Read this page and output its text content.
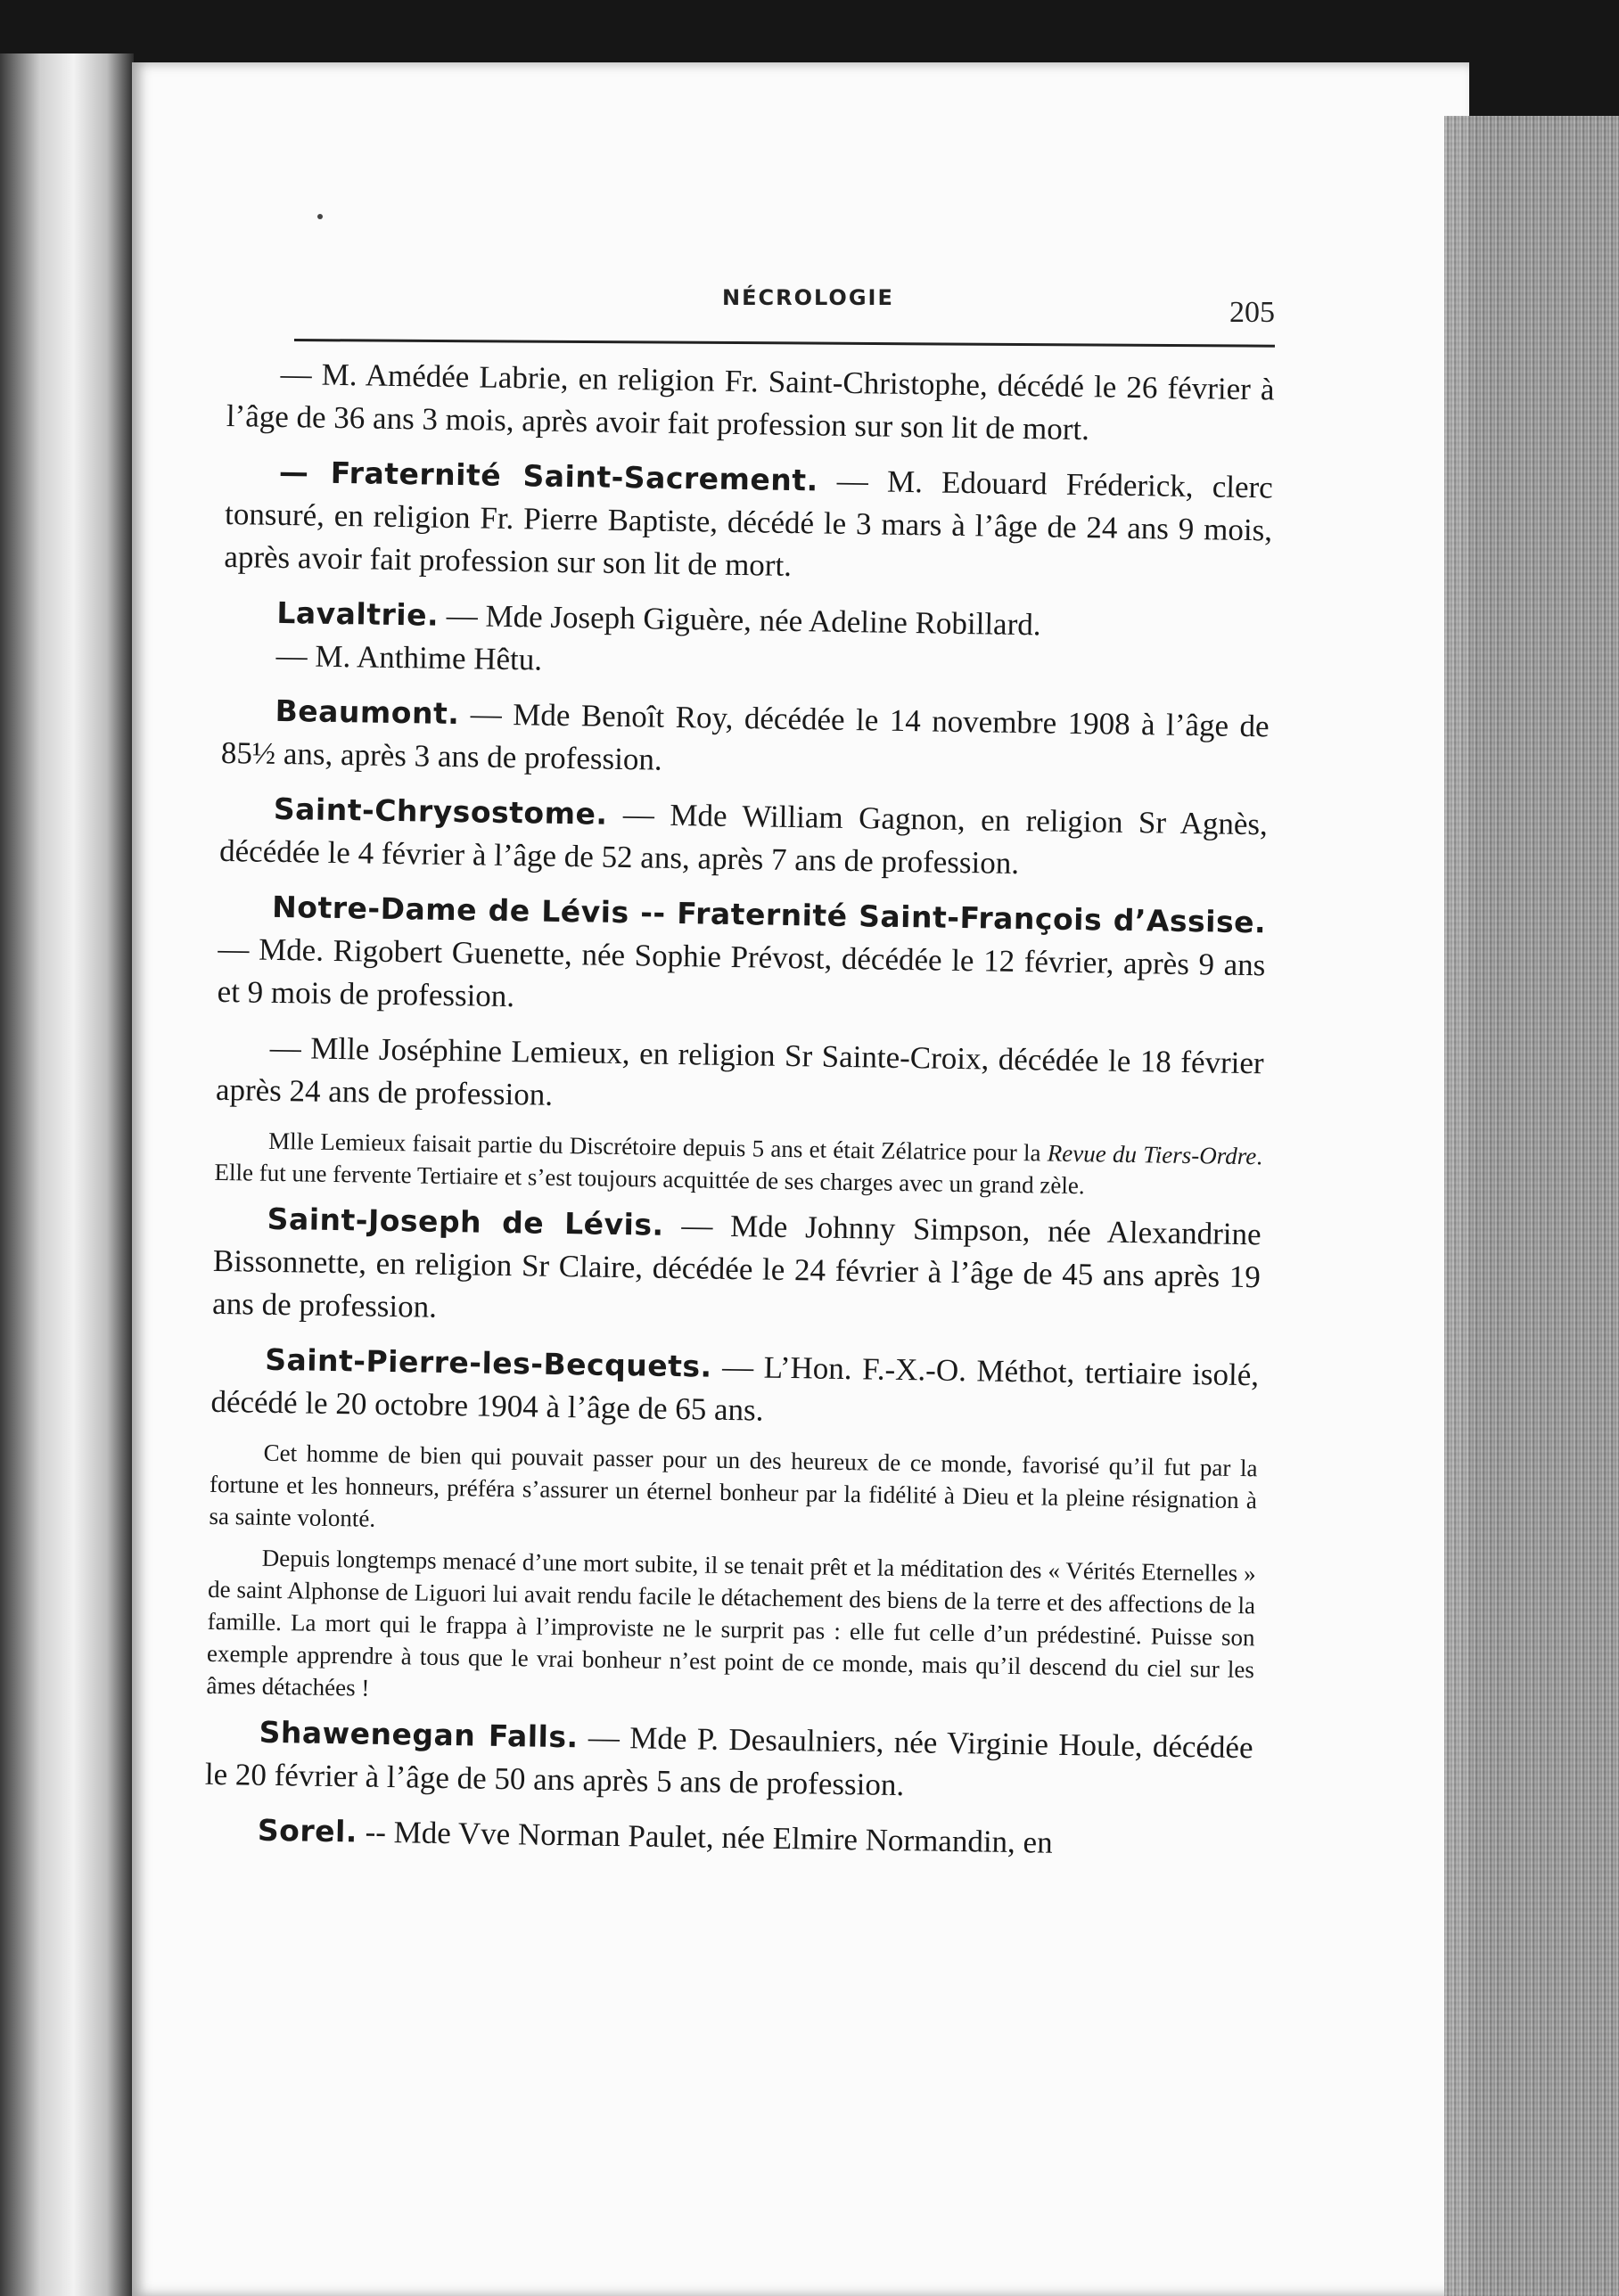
NÉCROLOGIE	205

— M. Amédée Labrie, en religion Fr. Saint-Christophe, décédé le 26 février à l’âge de 36 ans 3 mois, après avoir fait profession sur son lit de mort.

— Fraternité Saint-Sacrement. — M. Edouard Fréderick, clerc tonsuré, en religion Fr. Pierre Baptiste, décédé le 3 mars à l’âge de 24 ans 9 mois, après avoir fait profession sur son lit de mort.

Lavaltrie. — Mde Joseph Giguère, née Adeline Robillard.

— M. Anthime Hêtu.

Beaumont. — Mde Benoît Roy, décédée le 14 novembre 1908 à l’âge de 85½ ans, après 3 ans de profession.

Saint-Chrysostome. — Mde William Gagnon, en religion Sr Agnès, décédée le 4 février à l’âge de 52 ans, après 7 ans de profession.

Notre-Dame de Lévis -- Fraternité Saint-François d’Assise. — Mde. Rigobert Guenette, née Sophie Prévost, décédée le 12 février, après 9 ans et 9 mois de profession.

— Mlle Joséphine Lemieux, en religion Sr Sainte-Croix, décédée le 18 février après 24 ans de profession.

Mlle Lemieux faisait partie du Discrétoire depuis 5 ans et était Zélatrice pour la Revue du Tiers-Ordre. Elle fut une fervente Tertiaire et s’est toujours acquittée de ses charges avec un grand zèle.

Saint-Joseph de Lévis. — Mde Johnny Simpson, née Alexandrine Bissonnette, en religion Sr Claire, décédée le 24 février à l’âge de 45 ans après 19 ans de profession.

Saint-Pierre-les-Becquets. — L’Hon. F.-X.-O. Méthot, tertiaire isolé, décédé le 20 octobre 1904 à l’âge de 65 ans.

Cet homme de bien qui pouvait passer pour un des heureux de ce monde, favorisé qu’il fut par la fortune et les honneurs, préféra s’assurer un éternel bonheur par la fidélité à Dieu et la pleine résignation à sa sainte volonté.

Depuis longtemps menacé d’une mort subite, il se tenait prêt et la méditation des « Vérités Eternelles » de saint Alphonse de Liguori lui avait rendu facile le détachement des biens de la terre et des affections de la famille. La mort qui le frappa à l’improviste ne le surprit pas : elle fut celle d’un prédestiné. Puisse son exemple apprendre à tous que le vrai bonheur n’est point de ce monde, mais qu’il descend du ciel sur les âmes détachées !

Shawenegan Falls. — Mde P. Desaulniers, née Virginie Houle, décédée le 20 février à l’âge de 50 ans après 5 ans de profession.

Sorel. -- Mde Vve Norman Paulet, née Elmire Normandin, en
